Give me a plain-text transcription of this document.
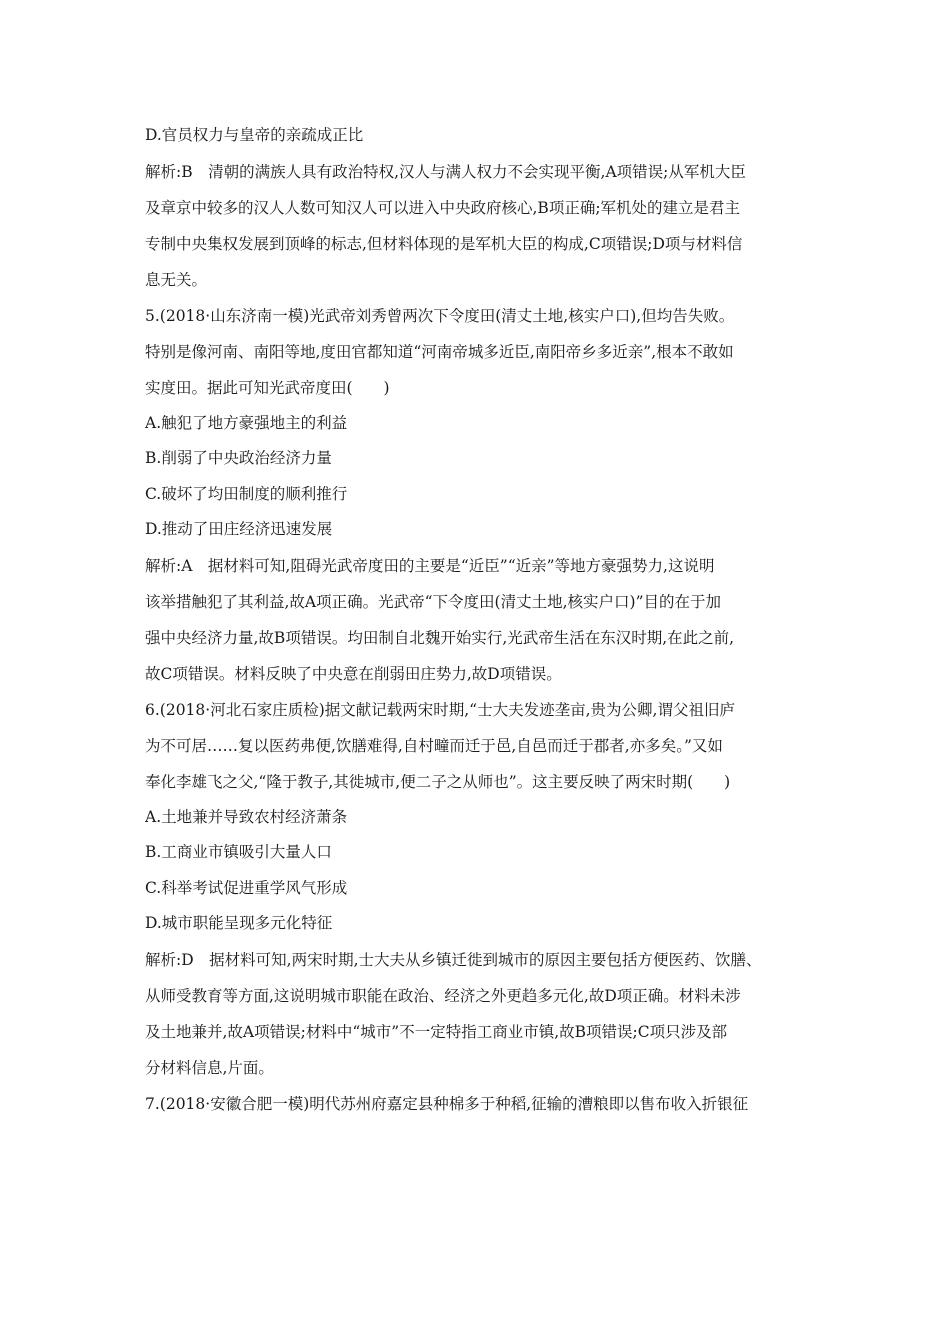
D.官员权力与皇帝的亲疏成正比
解析:B　清朝的满族人具有政治特权,汉人与满人权力不会实现平衡,A项错误;从军机大臣
及章京中较多的汉人人数可知汉人可以进入中央政府核心,B项正确;军机处的建立是君主
专制中央集权发展到顶峰的标志,但材料体现的是军机大臣的构成,C项错误;D项与材料信
息无关。
5.(2018·山东济南一模)光武帝刘秀曾两次下令度田(清丈土地,核实户口),但均告失败。
特别是像河南、南阳等地,度田官都知道“河南帝城多近臣,南阳帝乡多近亲”,根本不敢如
实度田。据此可知光武帝度田(　　)
A.触犯了地方豪强地主的利益
B.削弱了中央政治经济力量
C.破坏了均田制度的顺利推行
D.推动了田庄经济迅速发展
解析:A　据材料可知,阻碍光武帝度田的主要是“近臣”“近亲”等地方豪强势力,这说明
该举措触犯了其利益,故A项正确。光武帝“下令度田(清丈土地,核实户口)”目的在于加
强中央经济力量,故B项错误。均田制自北魏开始实行,光武帝生活在东汉时期,在此之前,
故C项错误。材料反映了中央意在削弱田庄势力,故D项错误。
6.(2018·河北石家庄质检)据文献记载两宋时期,“士大夫发迹垄亩,贵为公卿,谓父祖旧庐
为不可居……复以医药弗便,饮膳难得,自村疃而迁于邑,自邑而迁于郡者,亦多矣。”又如
奉化李雄飞之父,“隆于教子,其徙城市,便二子之从师也”。这主要反映了两宋时期(　　)
A.土地兼并导致农村经济萧条
B.工商业市镇吸引大量人口
C.科举考试促进重学风气形成
D.城市职能呈现多元化特征
解析:D　据材料可知,两宋时期,士大夫从乡镇迁徙到城市的原因主要包括方便医药、饮膳、
从师受教育等方面,这说明城市职能在政治、经济之外更趋多元化,故D项正确。材料未涉
及土地兼并,故A项错误;材料中“城市”不一定特指工商业市镇,故B项错误;C项只涉及部
分材料信息,片面。
7.(2018·安徽合肥一模)明代苏州府嘉定县种棉多于种稻,征输的漕粮即以售布收入折银征
